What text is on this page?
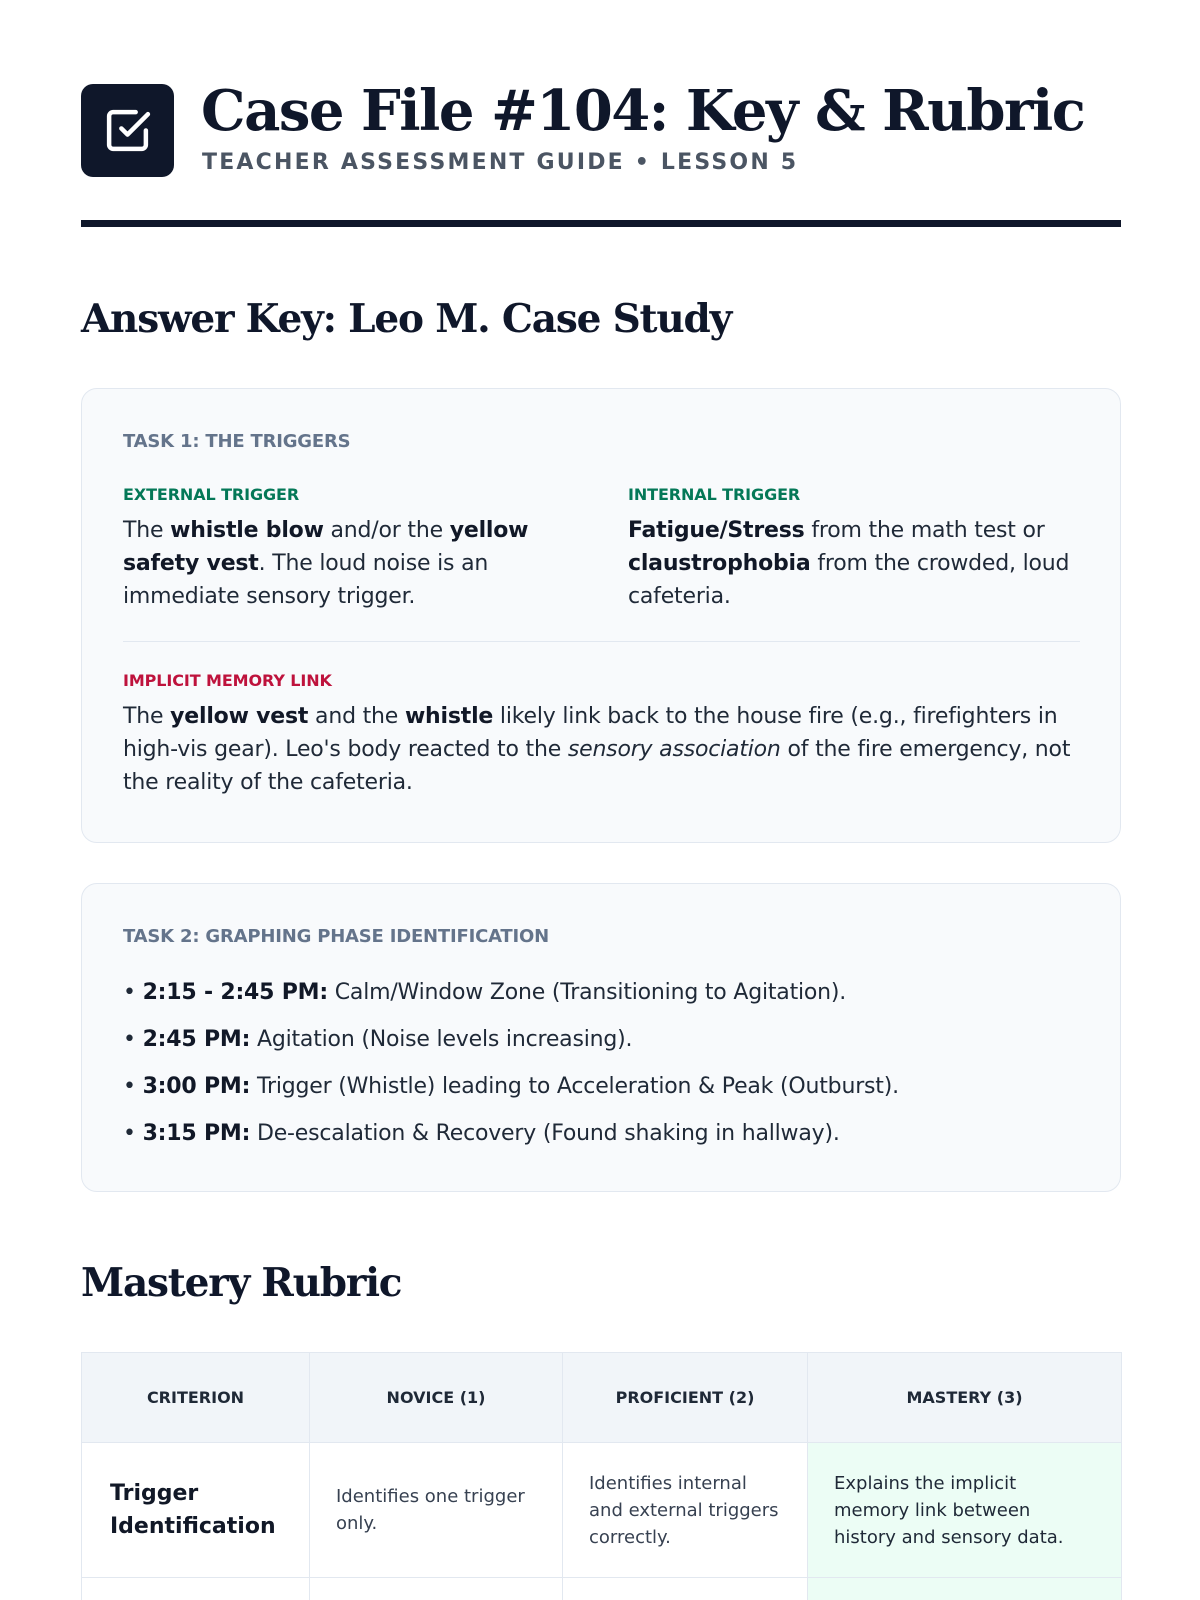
Case File #104: Key & Rubric
TEACHER ASSESSMENT GUIDE • LESSON 5
Answer Key: Leo M. Case Study
TASK 1: THE TRIGGERS
EXTERNAL TRIGGER
The whistle blow and/or the yellow safety vest. The loud noise is an immediate sensory trigger.
INTERNAL TRIGGER
Fatigue/Stress from the math test or claustrophobia from the crowded, loud cafeteria.
IMPLICIT MEMORY LINK
The yellow vest and the whistle likely link back to the house fire (e.g., firefighters in high-vis gear). Leo's body reacted to the sensory association of the fire emergency, not the reality of the cafeteria.
TASK 2: GRAPHING PHASE IDENTIFICATION
• 2:15 - 2:45 PM: Calm/Window Zone (Transitioning to Agitation).
• 2:45 PM: Agitation (Noise levels increasing).
• 3:00 PM: Trigger (Whistle) leading to Acceleration & Peak (Outburst).
• 3:15 PM: De-escalation & Recovery (Found shaking in hallway).
Mastery Rubric
CRITERION	NOVICE (1)	PROFICIENT (2)	MASTERY (3)
Trigger Identification	Identifies one trigger only.	Identifies internal and external triggers correctly.	Explains the implicit memory link between history and sensory data.
